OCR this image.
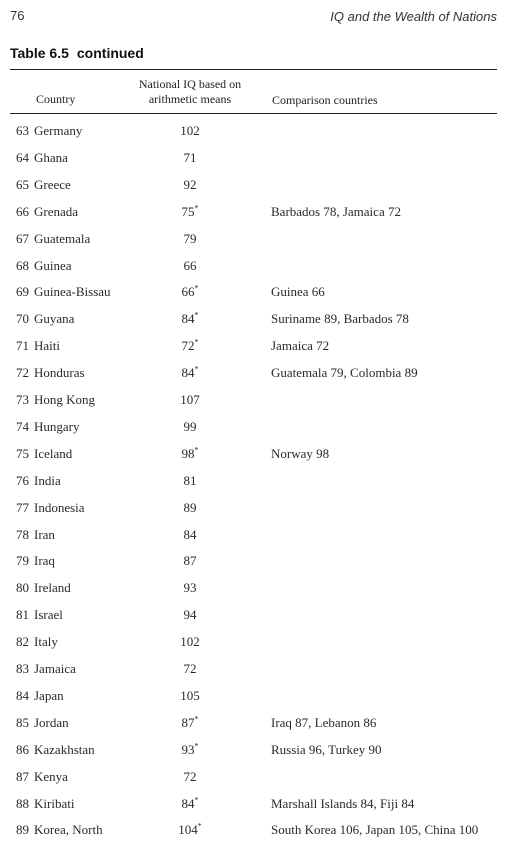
76	IQ and the Wealth of Nations
Table 6.5 continued
Country
National IQ based on
arithmetic means	Comparison countries
63 Germany	102
64 Ghana	71
65 Greece	92
66 Grenada	75*	Barbados 78, Jamaica 72
67 Guatemala	79
68 Guinea	66
69 Guinea-Bissau	66*	Guinea 66
70 Guyana	84*	Suriname 89, Barbados 78
71 Haiti	72*	Jamaica 72
72 Honduras	84*	Guatemala 79, Colombia 89
73 Hong Kong	107
74 Hungary	99
75 Iceland	98*	Norway 98
76 India	81
77 Indonesia	89
78 Iran	84
79 Iraq	87
80 Ireland	93
81 Israel	94
82 Italy	102
83 Jamaica	72
84 Japan	105
85 Jordan	87*	Iraq 87, Lebanon 86
86 Kazakhstan	93*	Russia 96, Turkey 90
87 Kenya	72
88 Kiribati	84*	Marshall Islands 84, Fiji 84
89 Korea, North	104*	South Korea 106, Japan 105, China 100
